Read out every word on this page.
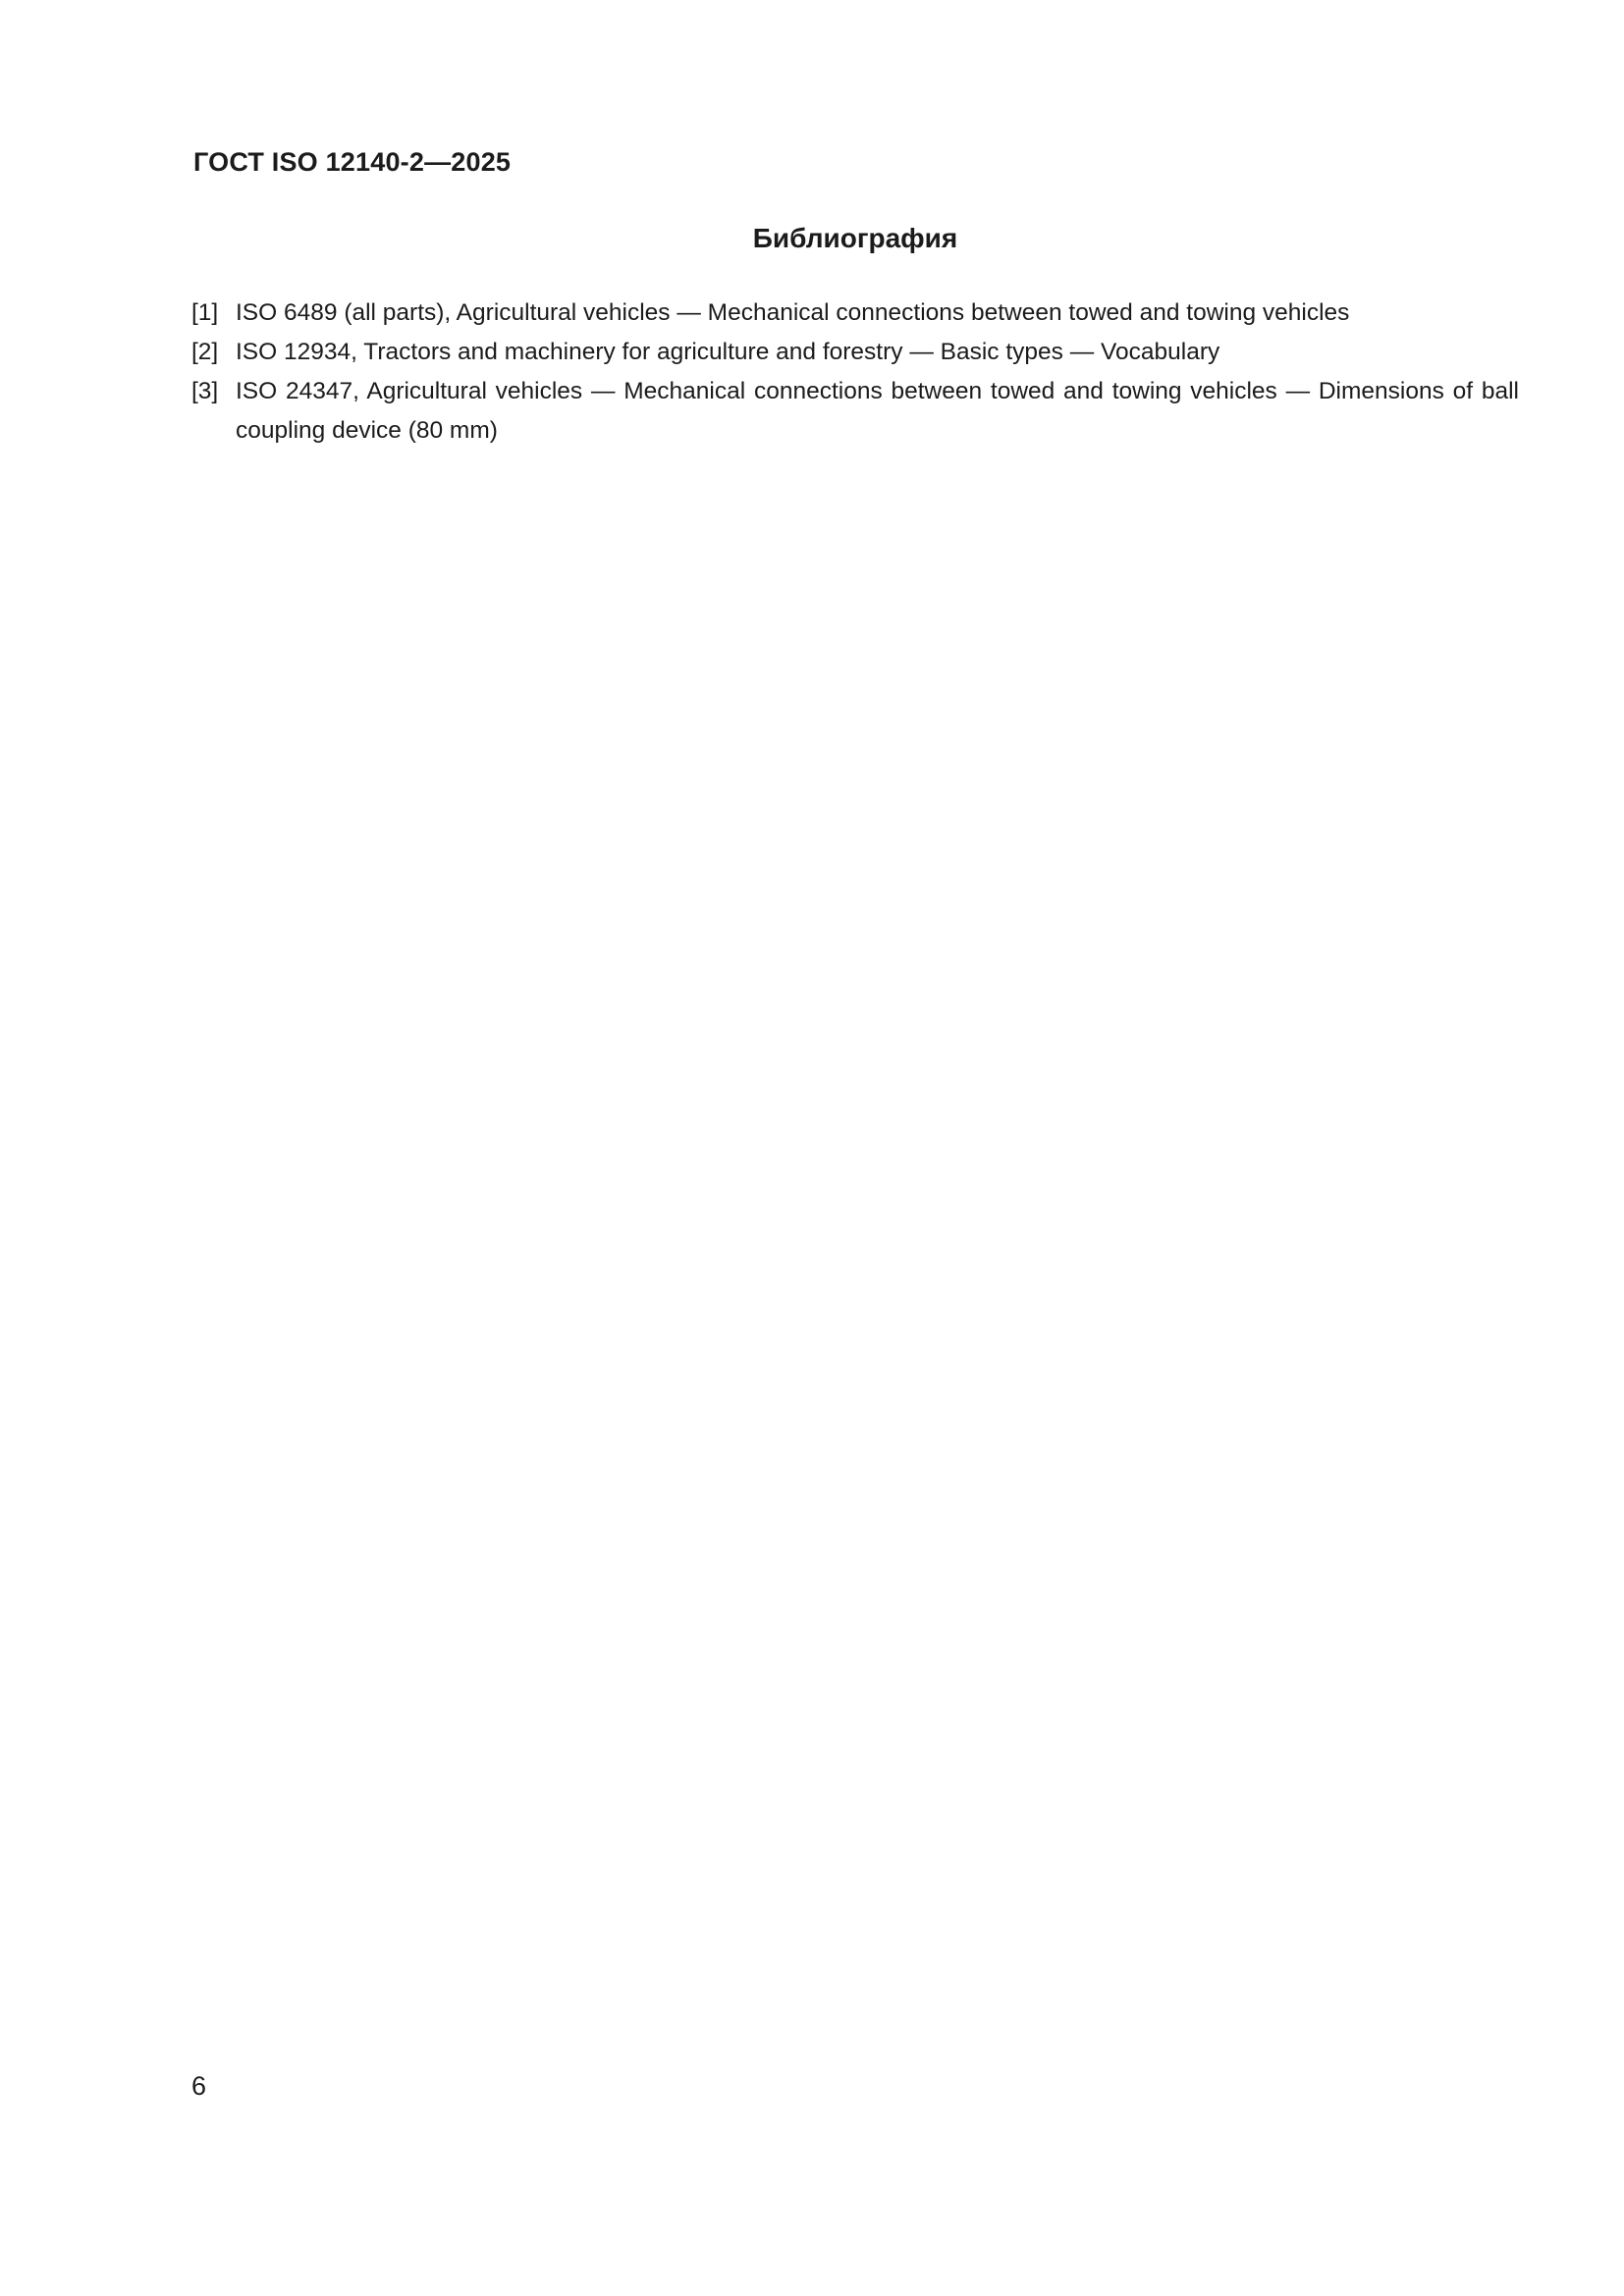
ГОСТ ISO 12140-2—2025
Библиография
[1] ISO 6489 (all parts), Agricultural vehicles — Mechanical connections between towed and towing vehicles
[2] ISO 12934, Tractors and machinery for agriculture and forestry — Basic types — Vocabulary
[3] ISO 24347, Agricultural vehicles — Mechanical connections between towed and towing vehicles — Dimensions of ball coupling device (80 mm)
6
